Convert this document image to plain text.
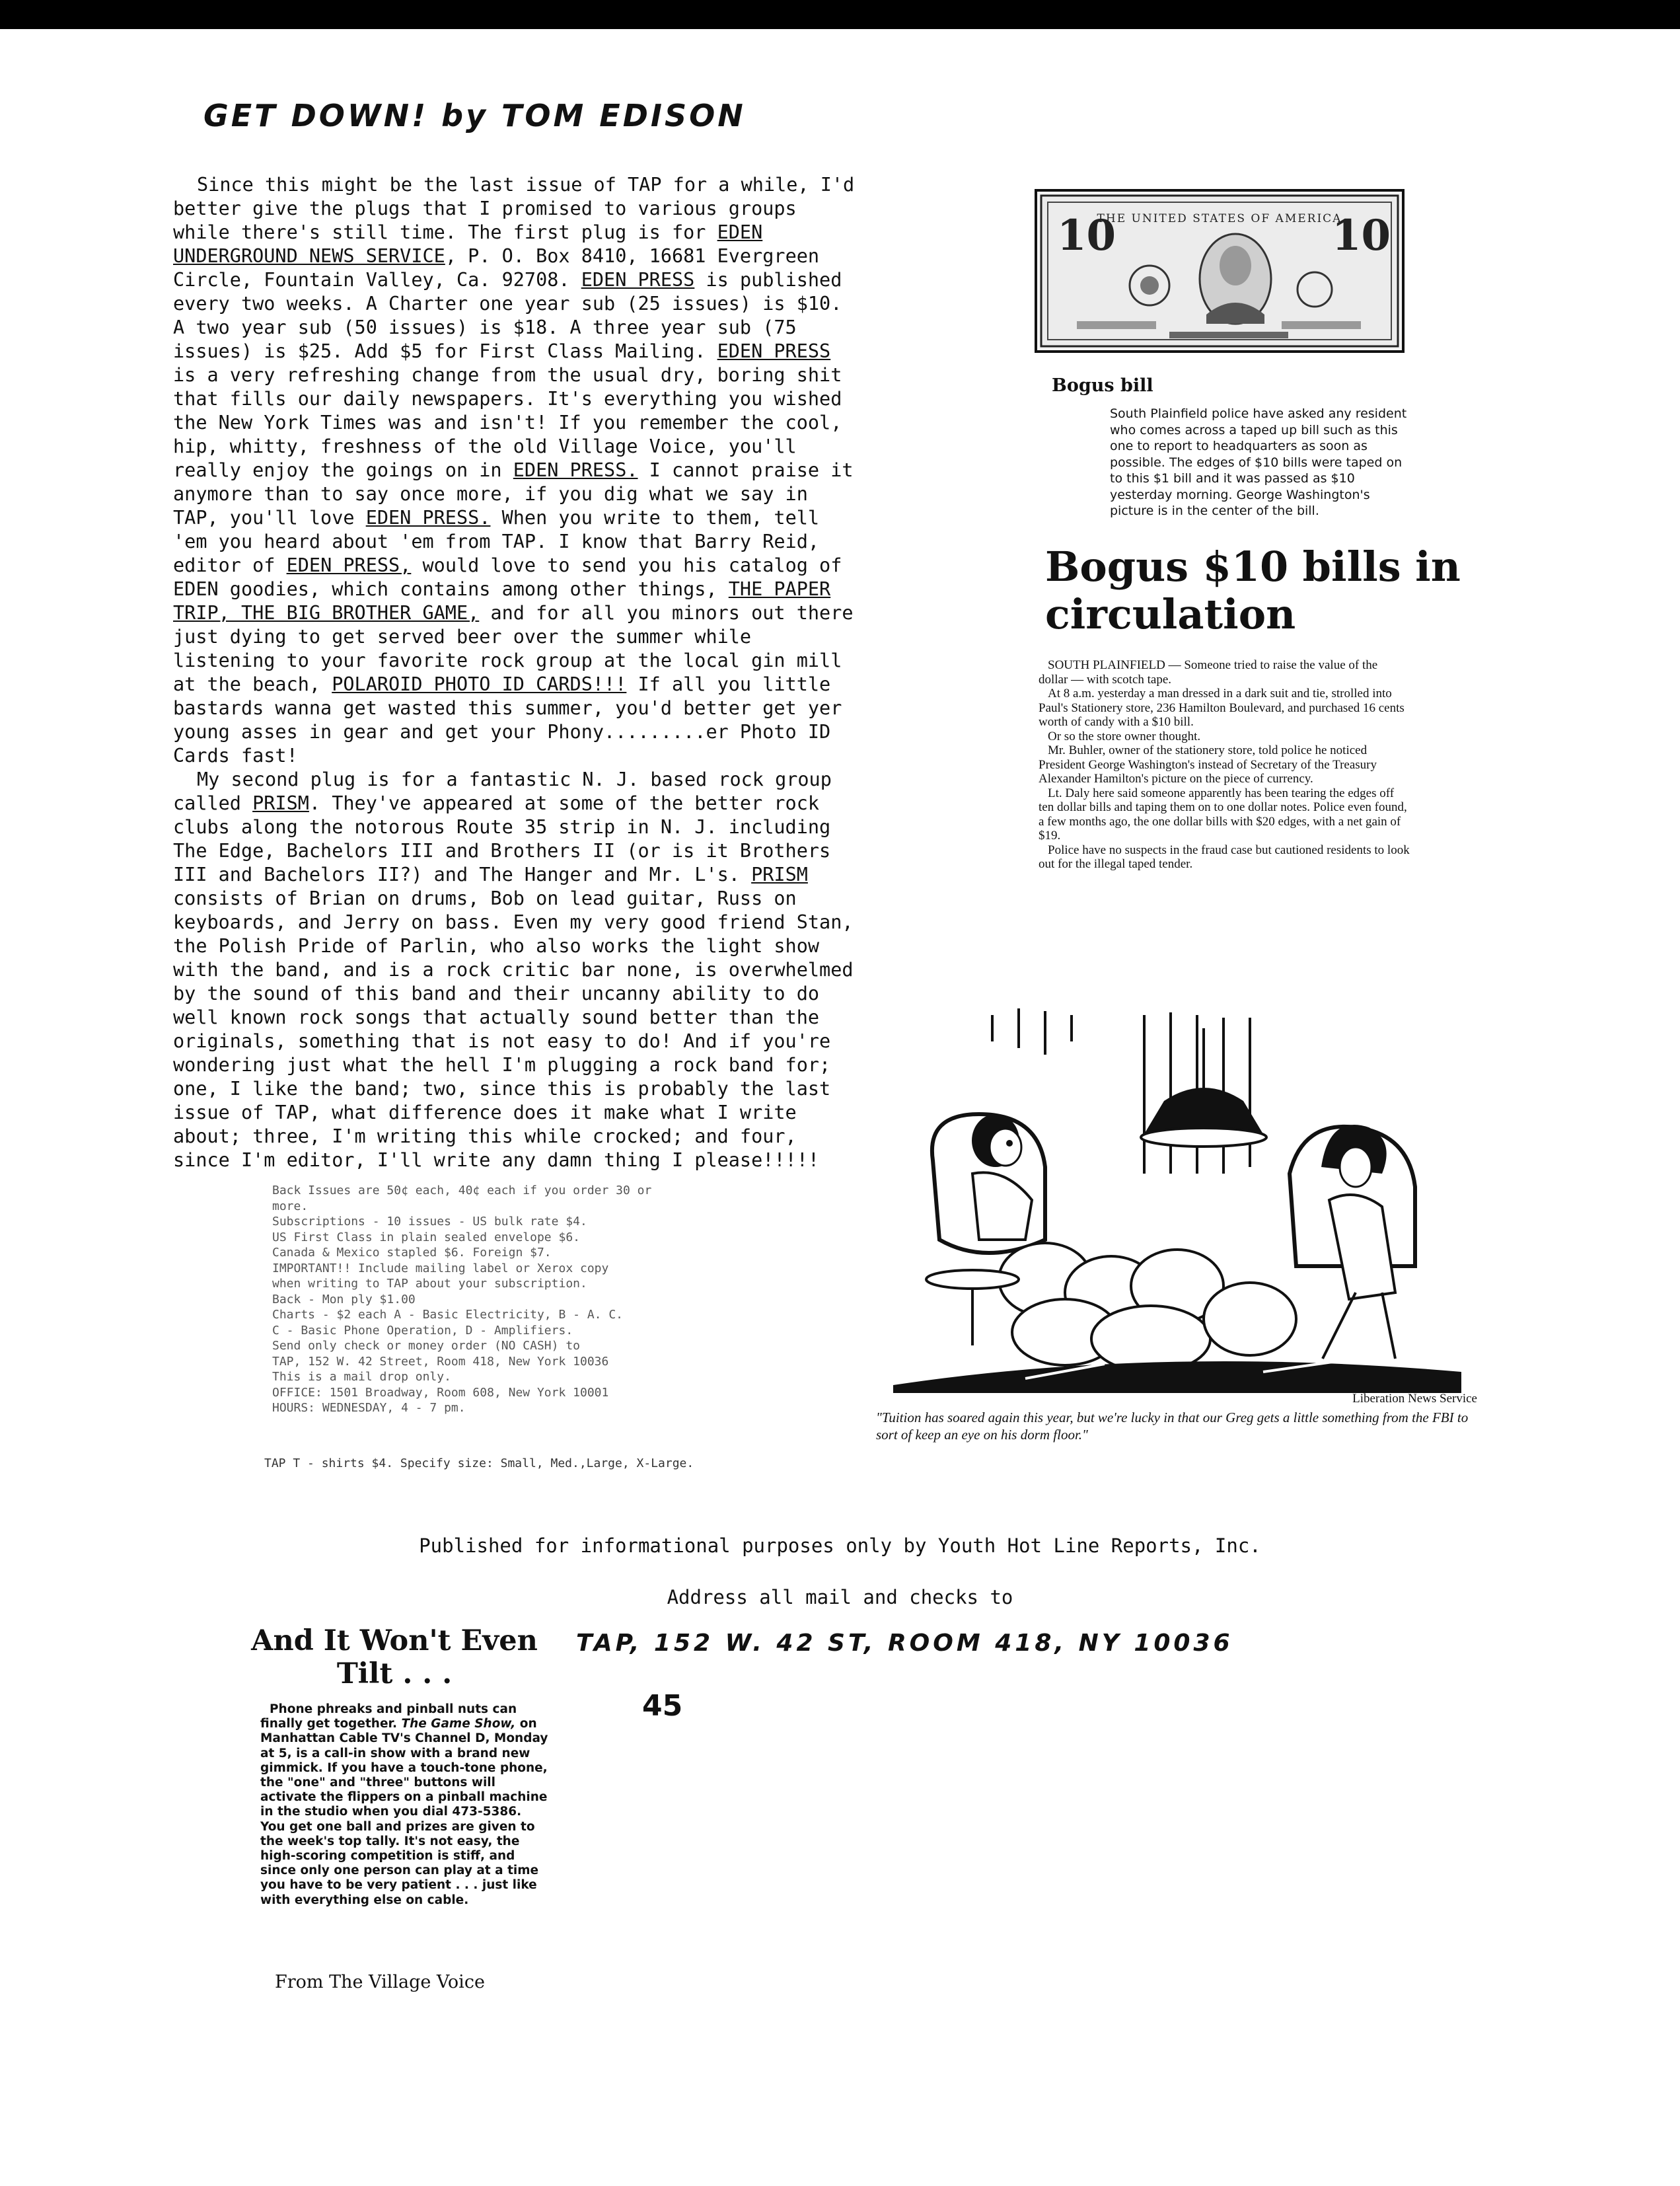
GET DOWN! by TOM EDISON

Since this might be the last issue of TAP for a while, I'd better give the plugs that I promised to various groups while there's still time. The first plug is for EDEN UNDERGROUND NEWS SERVICE, P. O. Box 8410, 16681 Evergreen Circle, Fountain Valley, Ca. 92708. EDEN PRESS is published every two weeks. A Charter one year sub (25 issues) is $10. A two year sub (50 issues) is $18. A three year sub (75 issues) is $25. Add $5 for First Class Mailing. EDEN PRESS is a very refreshing change from the usual dry, boring shit that fills our daily newspapers. It's everything you wished the New York Times was and isn't! If you remember the cool, hip, whitty, freshness of the old Village Voice, you'll really enjoy the goings on in EDEN PRESS. I cannot praise it anymore than to say once more, if you dig what we say in TAP, you'll love EDEN PRESS. When you write to them, tell 'em you heard about 'em from TAP. I know that Barry Reid, editor of EDEN PRESS, would love to send you his catalog of EDEN goodies, which contains among other things, THE PAPER TRIP, THE BIG BROTHER GAME, and for all you minors out there just dying to get served beer over the summer while listening to your favorite rock group at the local gin mill at the beach, POLAROID PHOTO ID CARDS!!! If all you little bastards wanna get wasted this summer, you'd better get yer young asses in gear and get your Phony.........er Photo ID Cards fast!

My second plug is for a fantastic N. J. based rock group called PRISM. They've appeared at some of the better rock clubs along the notorous Route 35 strip in N. J. including The Edge, Bachelors III and Brothers II (or is it Brothers III and Bachelors II?) and The Hanger and Mr. L's. PRISM consists of Brian on drums, Bob on lead guitar, Russ on keyboards, and Jerry on bass. Even my very good friend Stan, the Polish Pride of Parlin, who also works the light show with the band, and is a rock critic bar none, is overwhelmed by the sound of this band and their uncanny ability to do well known rock songs that actually sound better than the originals, something that is not easy to do! And if you're wondering just what the hell I'm plugging a rock band for; one, I like the band; two, since this is probably the last issue of TAP, what difference does it make what I write about; three, I'm writing this while crocked; and four, since I'm editor, I'll write any damn thing I please!!!!!

Back Issues are 50¢ each, 40¢ each if you order 30 or
more.
Subscriptions - 10 issues - US bulk rate $4.
US First Class in plain sealed envelope $6.
Canada & Mexico stapled $6. Foreign $7.
IMPORTANT!! Include mailing label or Xerox copy
when writing to TAP about your subscription.
Back - Mon ply $1.00
Charts - $2 each A - Basic Electricity, B - A. C.
C - Basic Phone Operation, D - Amplifiers.
Send only check or money order (NO CASH) to
TAP, 152 W. 42 Street, Room 418, New York 10036
This is a mail drop only.
OFFICE: 1501 Broadway, Room 608, New York 10001
HOURS: WEDNESDAY, 4 - 7 pm.
TAP T - shirts $4. Specify size: Small, Med.,Large, X-Large.
THE UNITED STATES OF AMERICA
10	10
Bogus bill
South Plainfield police have asked any resident who comes across a taped up bill such as this one to report to headquarters as soon as possible. The edges of $10 bills were taped on to this $1 bill and it was passed as $10 yesterday morning. George Washington's picture is in the center of the bill.
Bogus $10 bills in circulation

SOUTH PLAINFIELD — Someone tried to raise the value of the dollar — with scotch tape.

At 8 a.m. yesterday a man dressed in a dark suit and tie, strolled into Paul's Stationery store, 236 Hamilton Boulevard, and purchased 16 cents worth of candy with a $10 bill.

Or so the store owner thought.

Mr. Buhler, owner of the stationery store, told police he noticed President George Washington's instead of Secretary of the Treasury Alexander Hamilton's picture on the piece of currency.

Lt. Daly here said someone apparently has been tearing the edges off ten dollar bills and taping them on to one dollar notes. Police even found, a few months ago, the one dollar bills with $20 edges, with a net gain of $19.

Police have no suspects in the fraud case but cautioned residents to look out for the illegal taped tender.

Liberation News Service
"Tuition has soared again this year, but we're lucky in that our Greg gets a little something from the FBI to sort of keep an eye on his dorm floor."
Published for informational purposes only by Youth Hot Line Reports, Inc.
Address all mail and checks to
TAP, 152 W. 42 ST, ROOM 418, NY 10036
45
And It Won't Even Tilt . . .

Phone phreaks and pinball nuts can finally get together. The Game Show, on Manhattan Cable TV's Channel D, Monday at 5, is a call-in show with a brand new gimmick. If you have a touch-tone phone, the "one" and "three" buttons will activate the flippers on a pinball machine in the studio when you dial 473-5386. You get one ball and prizes are given to the week's top tally. It's not easy, the high-scoring competition is stiff, and since only one person can play at a time you have to be very patient . . . just like with everything else on cable.

From The Village Voice
